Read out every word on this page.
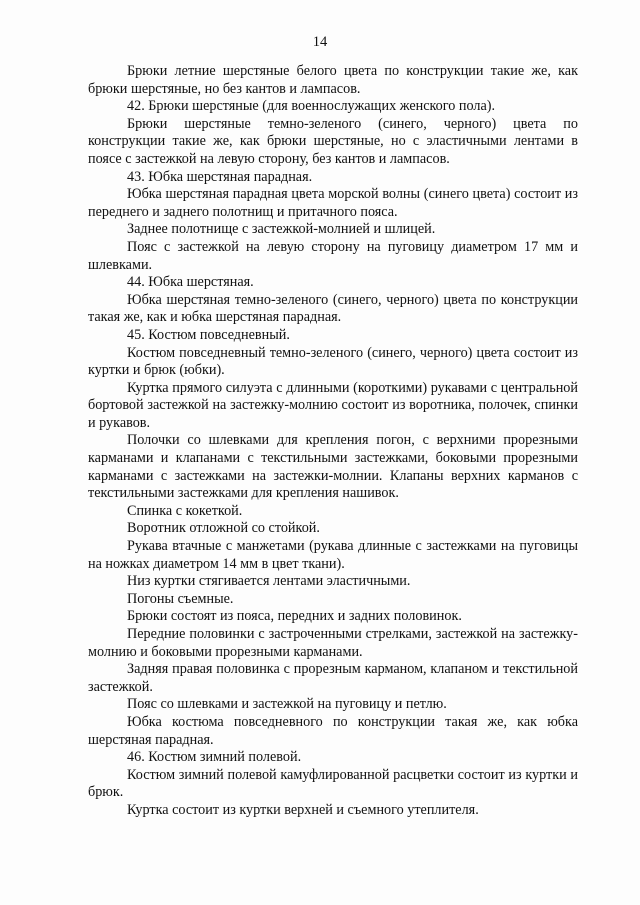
14

Брюки летние шерстяные белого цвета по конструкции такие же, как брюки шерстяные, но без кантов и лампасов.

42. Брюки шерстяные (для военнослужащих женского пола).

Брюки шерстяные темно-зеленого (синего, черного) цвета по конструкции такие же, как брюки шерстяные, но с эластичными лентами в поясе с застежкой на левую сторону, без кантов и лампасов.

43. Юбка шерстяная парадная.

Юбка шерстяная парадная цвета морской волны (синего цвета) состоит из переднего и заднего полотнищ и притачного пояса.

Заднее полотнище с застежкой-молнией и шлицей.

Пояс с застежкой на левую сторону на пуговицу диаметром 17 мм и шлевками.

44. Юбка шерстяная.

Юбка шерстяная темно-зеленого (синего, черного) цвета по конструкции такая же, как и юбка шерстяная парадная.

45. Костюм повседневный.

Костюм повседневный темно-зеленого (синего, черного) цвета состоит из куртки и брюк (юбки).

Куртка прямого силуэта с длинными (короткими) рукавами с центральной бортовой застежкой на застежку-молнию состоит из воротника, полочек, спинки и рукавов.

Полочки со шлевками для крепления погон, с верхними прорезными карманами и клапанами с текстильными застежками, боковыми прорезными карманами с застежками на застежки-молнии. Клапаны верхних карманов с текстильными застежками для крепления нашивок.

Спинка с кокеткой.

Воротник отложной со стойкой.

Рукава втачные с манжетами (рукава длинные с застежками на пуговицы на ножках диаметром 14 мм в цвет ткани).

Низ куртки стягивается лентами эластичными.

Погоны съемные.

Брюки состоят из пояса, передних и задних половинок.

Передние половинки с застроченными стрелками, застежкой на застежку-молнию и боковыми прорезными карманами.

Задняя правая половинка с прорезным карманом, клапаном и текстильной застежкой.

Пояс со шлевками и застежкой на пуговицу и петлю.

Юбка костюма повседневного по конструкции такая же, как юбка шерстяная парадная.

46. Костюм зимний полевой.

Костюм зимний полевой камуфлированной расцветки состоит из куртки и брюк.

Куртка состоит из куртки верхней и съемного утеплителя.
